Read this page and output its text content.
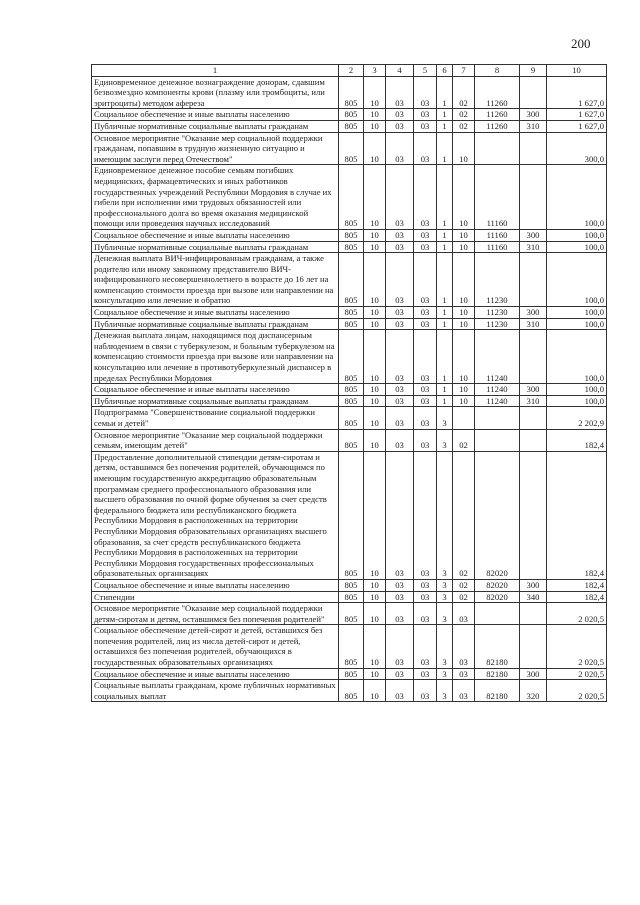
200
1	2	3	4	5	6	7	8	9	10
Единовременное денежное вознаграждение донорам, сдавшим безвозмездно компоненты крови (плазму или тромбоциты, или эритроциты) методом афереза	805	10	03	03	1	02	11260		1 627,0
Социальное обеспечение и иные выплаты населению	805	10	03	03	1	02	11260	300	1 627,0
Публичные нормативные социальные выплаты гражданам	805	10	03	03	1	02	11260	310	1 627,0
Основное мероприятие "Оказание мер социальной поддержки гражданам, попавшим в трудную жизненную ситуацию и имеющим заслуги перед Отечеством"	805	10	03	03	1	10			300,0
Единовременное денежное пособие семьям погибших медицинских, фармацевтических и иных работников государственных учреждений Республики Мордовия в случае их гибели при исполнении ими трудовых обязанностей или профессионального долга во время оказания медицинской помощи или проведения научных исследований	805	10	03	03	1	10	11160		100,0
Социальное обеспечение и иные выплаты населению	805	10	03	03	1	10	11160	300	100,0
Публичные нормативные социальные выплаты гражданам	805	10	03	03	1	10	11160	310	100,0
Денежная выплата ВИЧ-инфицированным гражданам, а также родителю или иному законному представителю ВИЧ-инфицированного несовершеннолетнего в возрасте до 16 лет на компенсацию стоимости проезда при вызове или направлении на консультацию или лечение и обратно	805	10	03	03	1	10	11230		100,0
Социальное обеспечение и иные выплаты населению	805	10	03	03	1	10	11230	300	100,0
Публичные нормативные социальные выплаты гражданам	805	10	03	03	1	10	11230	310	100,0
Денежная выплата лицам, находящимся под диспансерным наблюдением в связи с туберкулезом, и больным туберкулезом на компенсацию стоимости проезда при вызове или направлении на консультацию или лечение в противотуберкулезный диспансер в пределах Республики Мордовия	805	10	03	03	1	10	11240		100,0
Социальное обеспечение и иные выплаты населению	805	10	03	03	1	10	11240	300	100,0
Публичные нормативные социальные выплаты гражданам	805	10	03	03	1	10	11240	310	100,0
Подпрограмма "Совершенствование социальной поддержки семьи и детей"	805	10	03	03	3				2 202,9
Основное мероприятие "Оказание мер социальной поддержки семьям, имеющим детей"	805	10	03	03	3	02			182,4
Предоставление дополнительной стипендии детям-сиротам и детям, оставшимся без попечения родителей, обучающимся по имеющим государственную аккредитацию образовательным программам среднего профессионального образования или высшего образования по очной форме обучения за счет средств федерального бюджета или республиканского бюджета Республики Мордовия в расположенных на территории Республики Мордовия образовательных организациях высшего образования, за счет средств республиканского бюджета Республики Мордовия в расположенных на территории Республики Мордовия государственных профессиональных образовательных организациях	805	10	03	03	3	02	82020		182,4
Социальное обеспечение и иные выплаты населению	805	10	03	03	3	02	82020	300	182,4
Стипендии	805	10	03	03	3	02	82020	340	182,4
Основное мероприятие "Оказание мер социальной поддержки детям-сиротам и детям, оставшимся без попечения родителей"	805	10	03	03	3	03			2 020,5
Социальное обеспечение детей-сирот и детей, оставшихся без попечения родителей, лиц из числа детей-сирот и детей, оставшихся без попечения родителей, обучающихся в государственных образовательных организациях	805	10	03	03	3	03	82180		2 020,5
Социальное обеспечение и иные выплаты населению	805	10	03	03	3	03	82180	300	2 020,5
Социальные выплаты гражданам, кроме публичных нормативных социальных выплат	805	10	03	03	3	03	82180	320	2 020,5
